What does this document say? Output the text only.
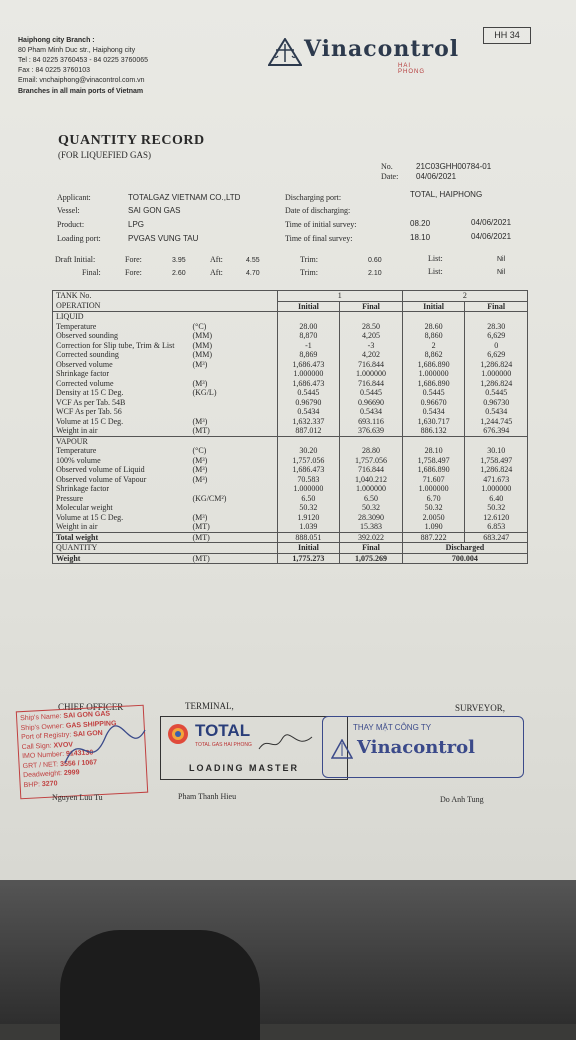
HH 34
Haiphong city Branch :
80 Pham Minh Duc str., Haiphong city
Tel : 84 0225 3760453 - 84 0225 3760065
Fax : 84 0225 3760103
Email: vnchaiphong@vinacontrol.com.vn
Branches in all main ports of Vietnam
Vinacontrol
HAI PHONG
QUANTITY RECORD
(FOR LIQUEFIED GAS)
No.	21C03GHH00784-01
Date: 04/06/2021
Applicant:	TOTALGAZ VIETNAM CO.,LTD
Vessel:	SAI GON GAS
Product:	LPG
Loading port:	PVGAS VUNG TAU
Discharging port:	TOTAL, HAIPHONG
Date of discharging:
Time of initial survey:	08.20	04/06/2021
Time of final survey:	18.10	04/06/2021
Draft Initial:	Fore:	3.95	Aft:	4.55	Trim:	0.60	List:	Nil
Final:	Fore:	2.60	Aft:	4.70	Trim:	2.10	List:	Nil
TANK No.		1		2	
OPERATION		Initial	Final	Initial	Final
LIQUID					
Temperature	(°C)	28.00	28.50	28.60	28.30
Observed sounding	(MM)	8,870	4,205	8,860	6,629
Correction for Slip tube, Trim & List	(MM)	-1	-3	2	0
Corrected sounding	(MM)	8,869	4,202	8,862	6,629
Observed volume	(M³)	1,686.473	716.844	1,686.890	1,286.824
Shrinkage factor		1.000000	1.000000	1.000000	1.000000
Corrected volume	(M³)	1,686.473	716.844	1,686.890	1,286.824
Density at 15 C Deg.	(KG/L)	0.5445	0.5445	0.5445	0.5445
VCF As per Tab. 54B		0.96790	0.96690	0.96670	0.96730
WCF As per Tab. 56		0.5434	0.5434	0.5434	0.5434
Volume at 15 C Deg.	(M³)	1,632.337	693.116	1,630.717	1,244.745
Weight in air	(MT)	887.012	376.639	886.132	676.394
VAPOUR					
Temperature	(°C)	30.20	28.80	28.10	30.10
100% volume	(M³)	1,757.056	1,757.056	1,758.497	1,758.497
Observed volume of Liquid	(M³)	1,686.473	716.844	1,686.890	1,286.824
Observed volume of Vapour	(M³)	70.583	1,040.212	71.607	471.673
Shrinkage factor		1.000000	1.000000	1.000000	1.000000
Pressure	(KG/CM²)	6.50	6.50	6.70	6.40
Molecular weight		50.32	50.32	50.32	50.32
Volume at 15 C Deg.	(M³)	1.9120	28.3090	2.0050	12.6120
Weight in air	(MT)	1.039	15.383	1.090	6.853
Total weight	(MT)	888.051	392.022	887.222	683.247
QUANTITY		Initial	Final	Discharged	
Weight	(MT)	1,775.273	1,075.269	700.004	
CHIEF OFFICER	TERMINAL,	SURVEYOR,
Ship's Name: SAI GON GAS
Ship's Owner: GAS SHIPPING
Port of Registry: SAI GON
Call Sign: XVOV
IMO Number: 9143130
GRT / NET: 3556 / 1067
Deadweight: 2999
BHP: 3270
Nguyen Luu Tu
TOTAL
TOTAL GAS HAI PHONG
LOADING MASTER
Pham Thanh Hieu
THAY MẶT CÔNG TY
Vinacontrol
Do Anh Tung
